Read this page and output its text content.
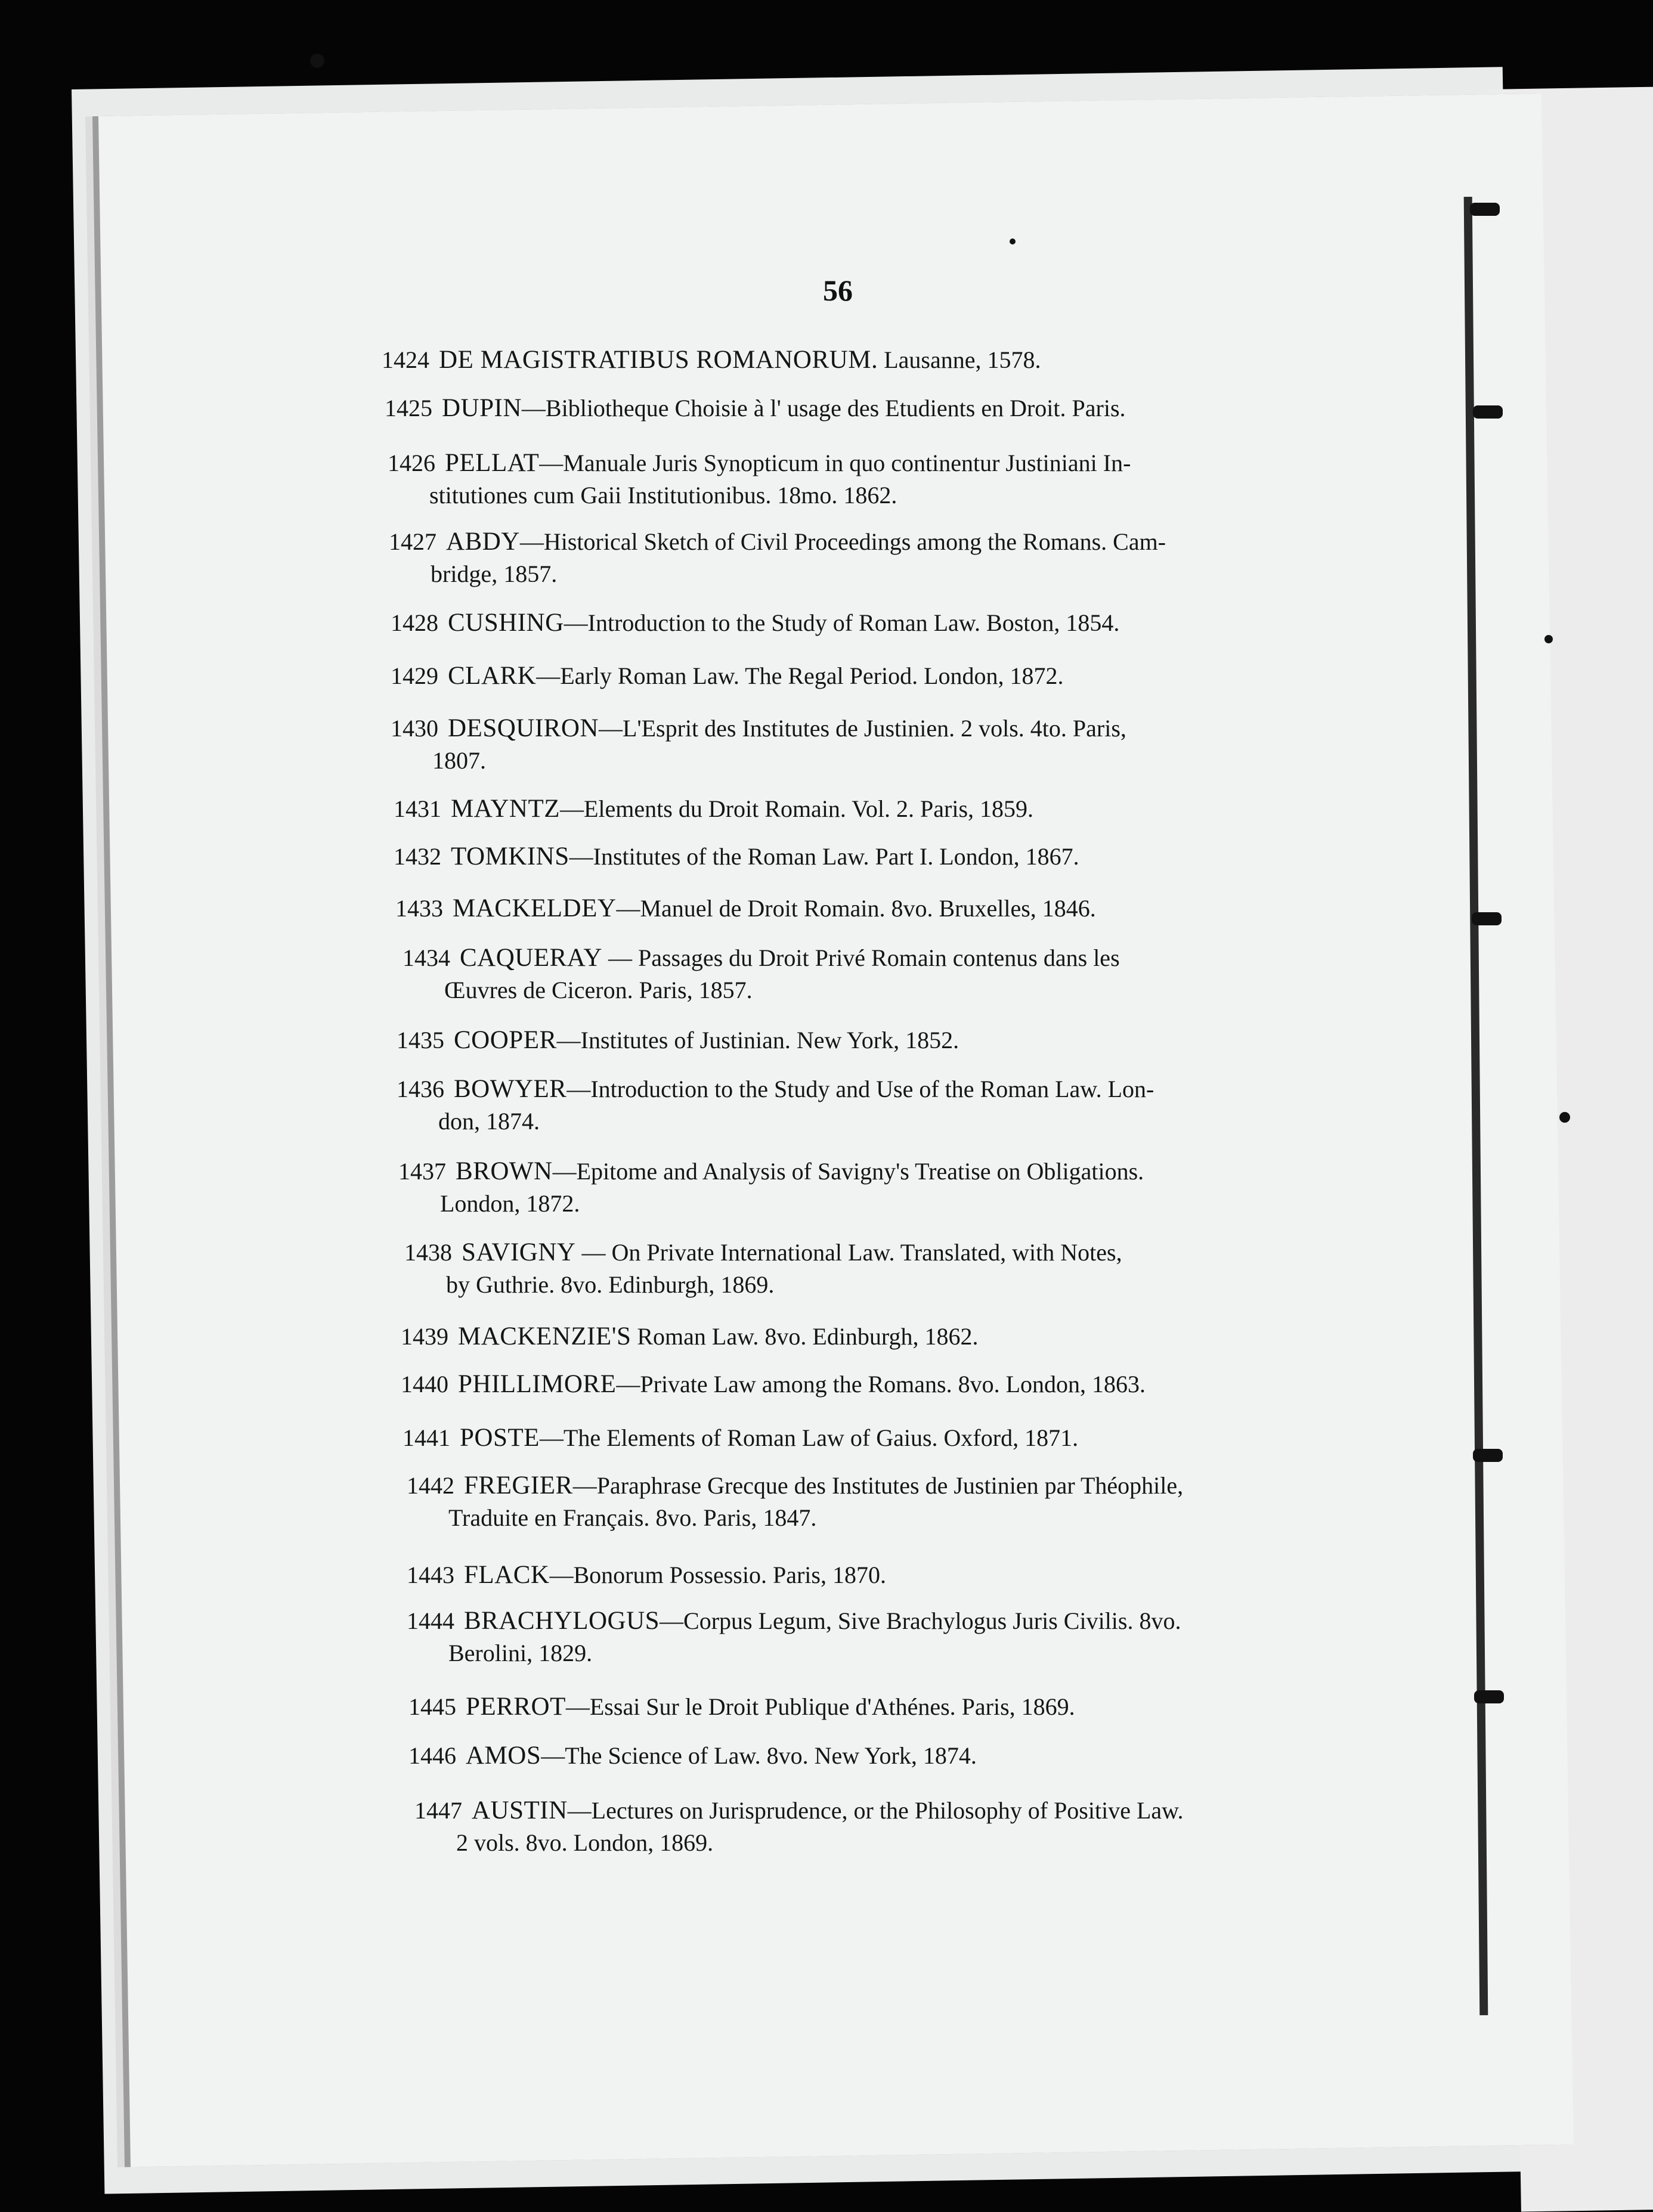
56
1424 DE MAGISTRATIBUS ROMANORUM. Lausanne, 1578.
1425 DUPIN—Bibliotheque Choisie à l' usage des Etudients en Droit. Paris.
1426 PELLAT—Manuale Juris Synopticum in quo continentur Justiniani In-
stitutiones cum Gaii Institutionibus. 18mo. 1862.
1427 ABDY—Historical Sketch of Civil Proceedings among the Romans. Cam-
bridge, 1857.
1428 CUSHING—Introduction to the Study of Roman Law. Boston, 1854.
1429 CLARK—Early Roman Law. The Regal Period. London, 1872.
1430 DESQUIRON—L'Esprit des Institutes de Justinien. 2 vols. 4to. Paris,
1807.
1431 MAYNTZ—Elements du Droit Romain. Vol. 2. Paris, 1859.
1432 TOMKINS—Institutes of the Roman Law. Part I. London, 1867.
1433 MACKELDEY—Manuel de Droit Romain. 8vo. Bruxelles, 1846.
1434 CAQUERAY — Passages du Droit Privé Romain contenus dans les
Œuvres de Ciceron. Paris, 1857.
1435 COOPER—Institutes of Justinian. New York, 1852.
1436 BOWYER—Introduction to the Study and Use of the Roman Law. Lon-
don, 1874.
1437 BROWN—Epitome and Analysis of Savigny's Treatise on Obligations.
London, 1872.
1438 SAVIGNY — On Private International Law. Translated, with Notes,
by Guthrie. 8vo. Edinburgh, 1869.
1439 MACKENZIE'S Roman Law. 8vo. Edinburgh, 1862.
1440 PHILLIMORE—Private Law among the Romans. 8vo. London, 1863.
1441 POSTE—The Elements of Roman Law of Gaius. Oxford, 1871.
1442 FREGIER—Paraphrase Grecque des Institutes de Justinien par Théophile,
Traduite en Français. 8vo. Paris, 1847.
1443 FLACK—Bonorum Possessio. Paris, 1870.
1444 BRACHYLOGUS—Corpus Legum, Sive Brachylogus Juris Civilis. 8vo.
Berolini, 1829.
1445 PERROT—Essai Sur le Droit Publique d'Athénes. Paris, 1869.
1446 AMOS—The Science of Law. 8vo. New York, 1874.
1447 AUSTIN—Lectures on Jurisprudence, or the Philosophy of Positive Law.
2 vols. 8vo. London, 1869.
